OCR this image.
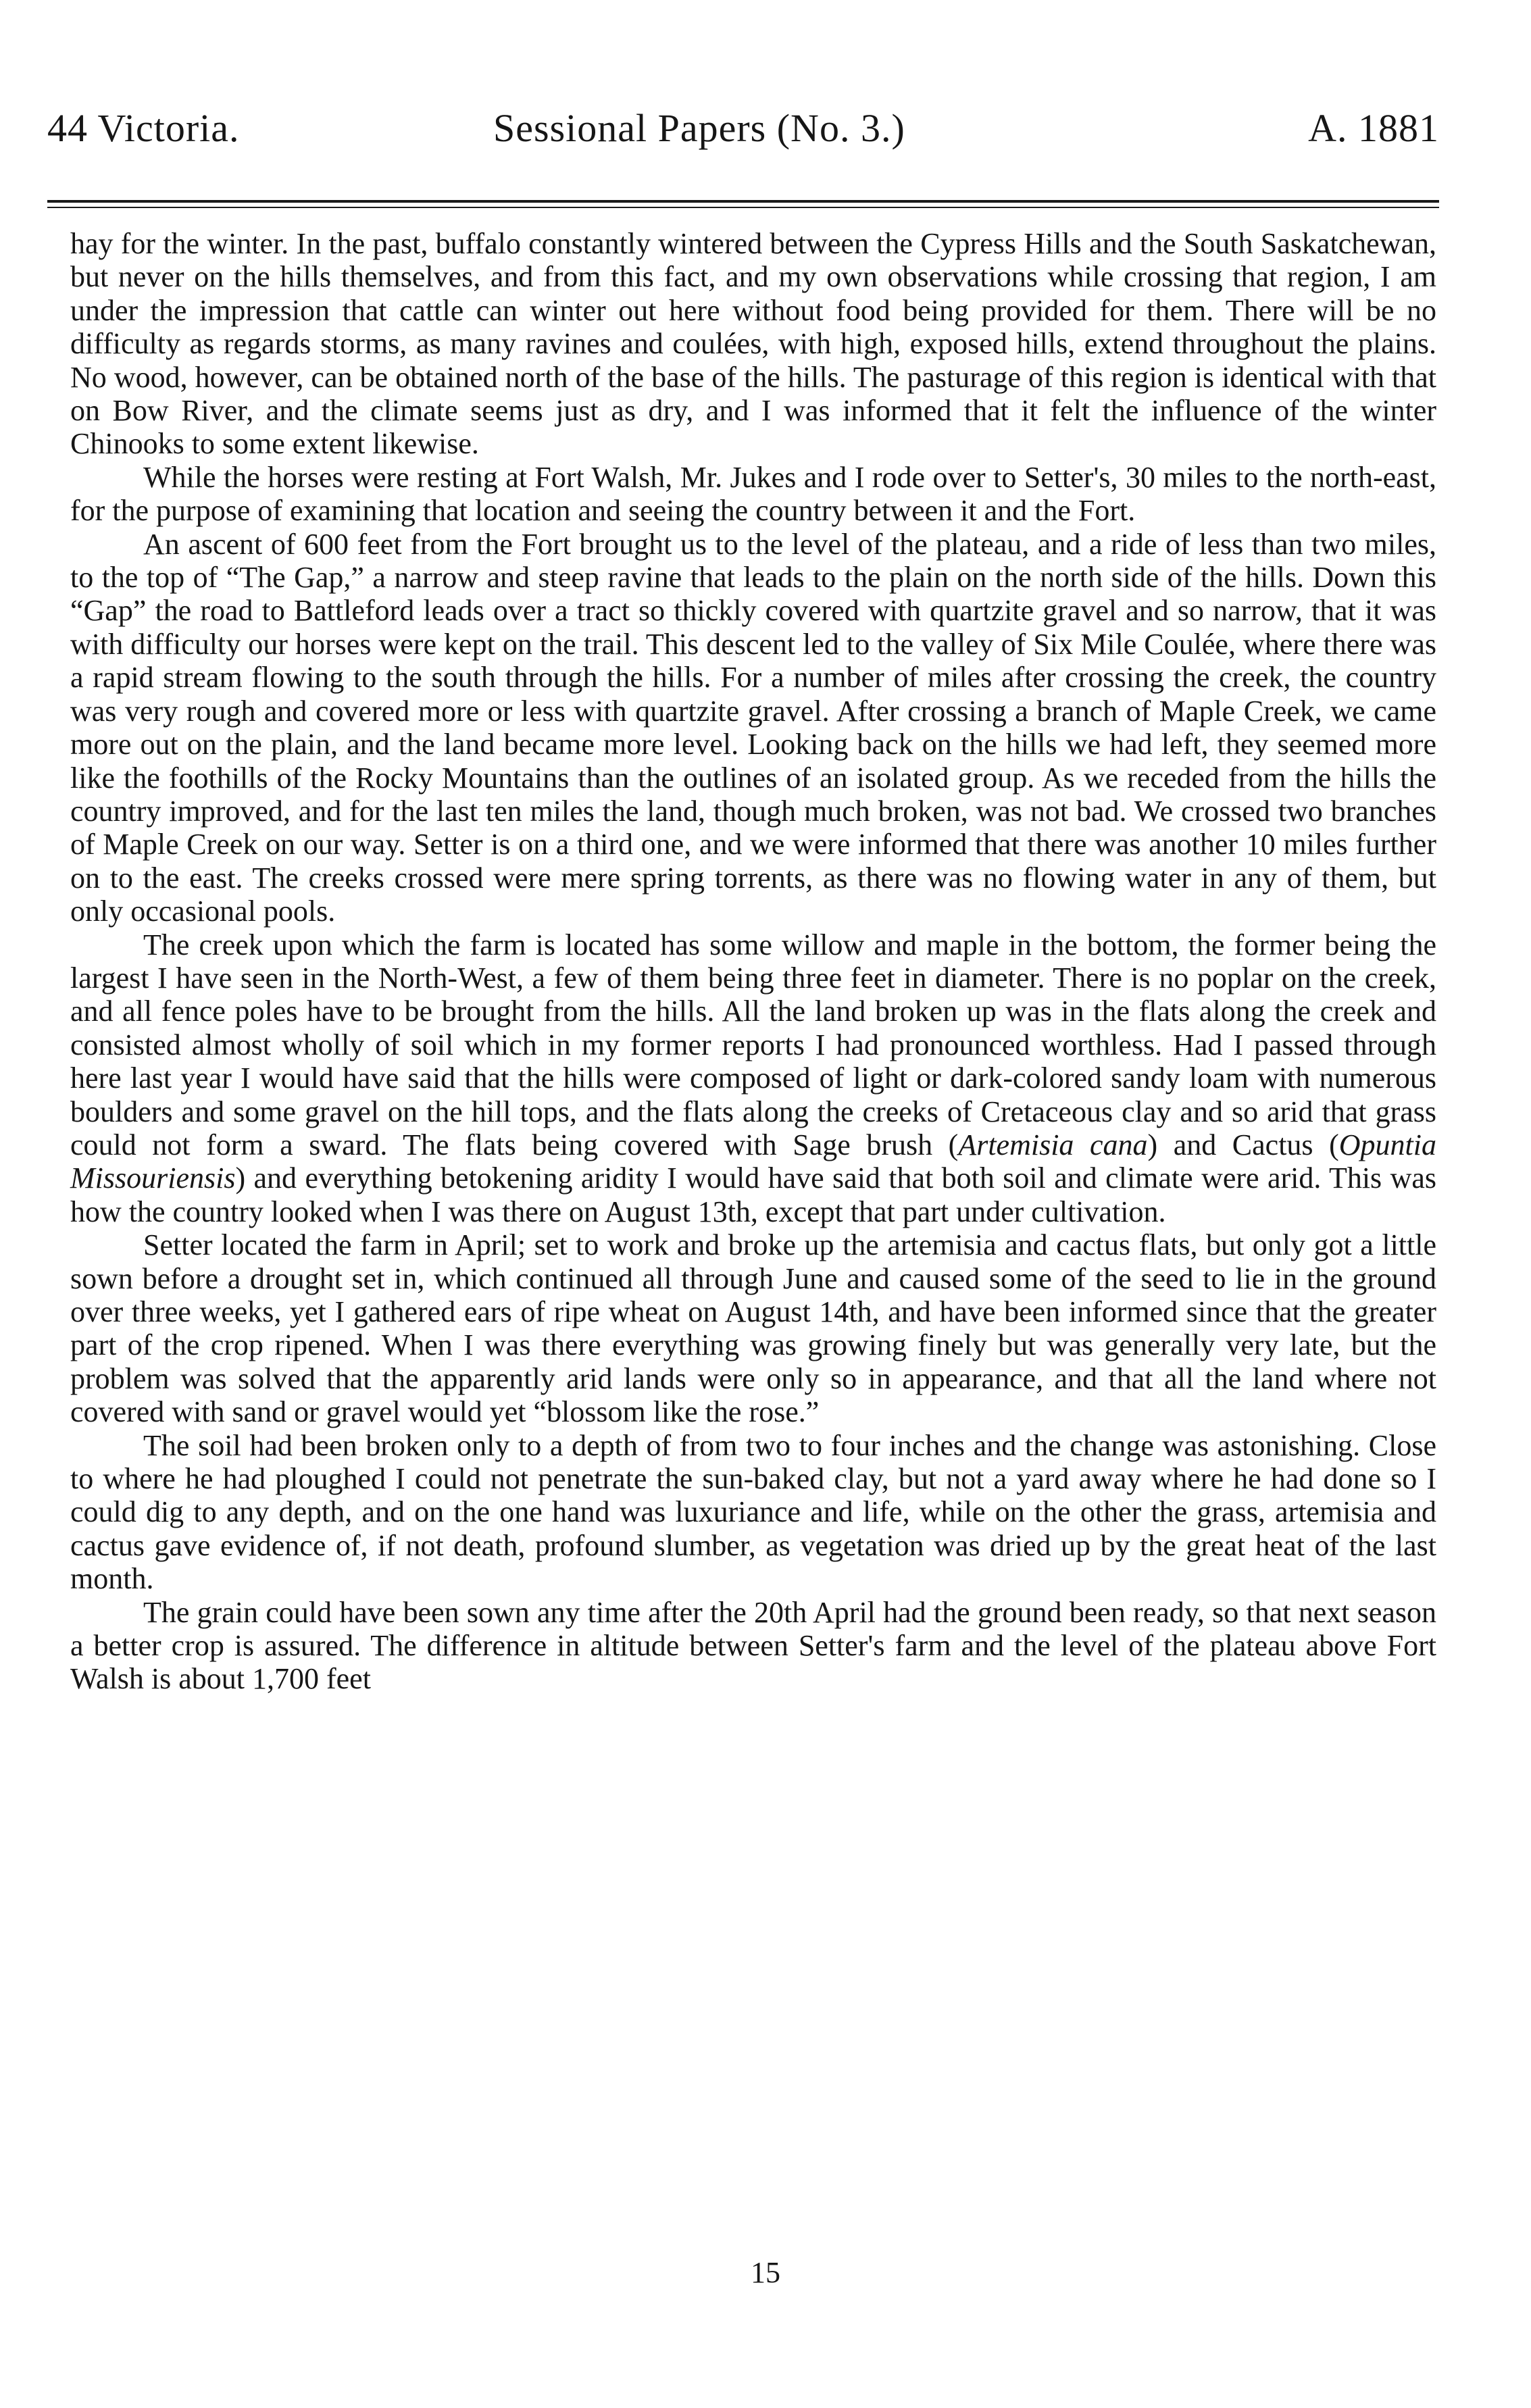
44 Victoria.	Sessional Papers (No. 3.)	A. 1881

hay for the winter. In the past, buffalo constantly wintered between the Cypress Hills and the South Saskatchewan, but never on the hills themselves, and from this fact, and my own observations while crossing that region, I am under the impression that cattle can winter out here without food being provided for them. There will be no difficulty as regards storms, as many ravines and coulées, with high, exposed hills, extend throughout the plains. No wood, however, can be obtained north of the base of the hills. The pasturage of this region is identical with that on Bow River, and the climate seems just as dry, and I was informed that it felt the influence of the winter Chinooks to some extent likewise.

While the horses were resting at Fort Walsh, Mr. Jukes and I rode over to Setter's, 30 miles to the north-east, for the purpose of examining that location and seeing the country between it and the Fort.

An ascent of 600 feet from the Fort brought us to the level of the plateau, and a ride of less than two miles, to the top of “The Gap,” a narrow and steep ravine that leads to the plain on the north side of the hills. Down this “Gap” the road to Battleford leads over a tract so thickly covered with quartzite gravel and so narrow, that it was with difficulty our horses were kept on the trail. This descent led to the valley of Six Mile Coulée, where there was a rapid stream flowing to the south through the hills. For a number of miles after crossing the creek, the country was very rough and covered more or less with quartzite gravel. After crossing a branch of Maple Creek, we came more out on the plain, and the land became more level. Looking back on the hills we had left, they seemed more like the foothills of the Rocky Mountains than the outlines of an isolated group. As we receded from the hills the country improved, and for the last ten miles the land, though much broken, was not bad. We crossed two branches of Maple Creek on our way. Setter is on a third one, and we were informed that there was another 10 miles further on to the east. The creeks crossed were mere spring torrents, as there was no flowing water in any of them, but only occasional pools.

The creek upon which the farm is located has some willow and maple in the bottom, the former being the largest I have seen in the North-West, a few of them being three feet in diameter. There is no poplar on the creek, and all fence poles have to be brought from the hills. All the land broken up was in the flats along the creek and consisted almost wholly of soil which in my former reports I had pronounced worthless. Had I passed through here last year I would have said that the hills were composed of light or dark-colored sandy loam with numerous boulders and some gravel on the hill tops, and the flats along the creeks of Cretaceous clay and so arid that grass could not form a sward. The flats being covered with Sage brush (Artemisia cana) and Cactus (Opuntia Missouriensis) and everything betokening aridity I would have said that both soil and climate were arid. This was how the country looked when I was there on August 13th, except that part under cultivation.

Setter located the farm in April; set to work and broke up the artemisia and cactus flats, but only got a little sown before a drought set in, which continued all through June and caused some of the seed to lie in the ground over three weeks, yet I gathered ears of ripe wheat on August 14th, and have been informed since that the greater part of the crop ripened. When I was there everything was growing finely but was generally very late, but the problem was solved that the apparently arid lands were only so in appearance, and that all the land where not covered with sand or gravel would yet “blossom like the rose.”

The soil had been broken only to a depth of from two to four inches and the change was astonishing. Close to where he had ploughed I could not penetrate the sun-baked clay, but not a yard away where he had done so I could dig to any depth, and on the one hand was luxuriance and life, while on the other the grass, artemisia and cactus gave evidence of, if not death, profound slumber, as vegetation was dried up by the great heat of the last month.

The grain could have been sown any time after the 20th April had the ground been ready, so that next season a better crop is assured. The difference in altitude between Setter's farm and the level of the plateau above Fort Walsh is about 1,700 feet

15
